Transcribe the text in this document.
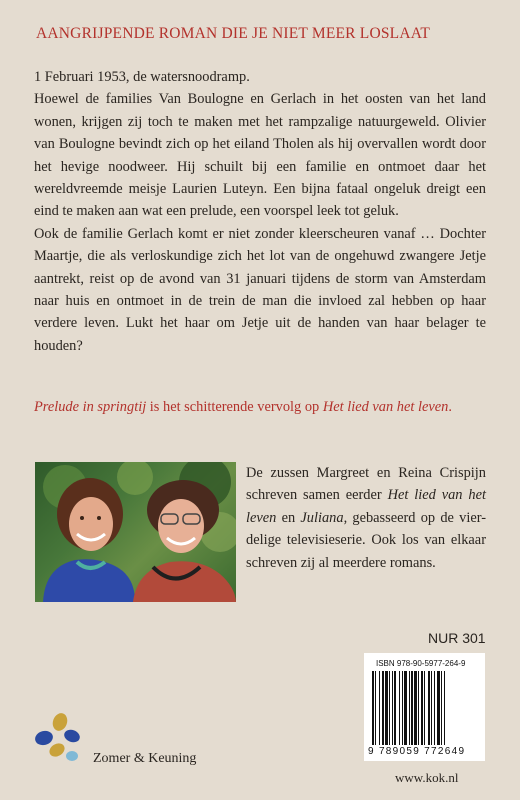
AANGRIJPENDE ROMAN DIE JE NIET MEER LOSLAAT

1 Februari 1953, de watersnoodramp.

Hoewel de families Van Boulogne en Gerlach in het oosten van het land wonen, krijgen zij toch te maken met het rampzalige natuurgeweld. Olivier van Boulogne bevindt zich op het eiland Tholen als hij overvallen wordt door het hevige noodweer. Hij schuilt bij een familie en ontmoet daar het wereldvreemde meisje Laurien Luteyn. Een bijna fataal ongeluk dreigt een eind te maken aan wat een prelude, een voorspel leek tot geluk.

Ook de familie Gerlach komt er niet zonder kleerscheuren vanaf … Dochter Maartje, die als verloskundige zich het lot van de ongehuwd zwangere Jetje aantrekt, reist op de avond van 31 januari tijdens de storm van Amsterdam naar huis en ontmoet in de trein de man die invloed zal hebben op haar verdere leven. Lukt het haar om Jetje uit de handen van haar belager te houden?

Prelude in springtij is het schitterende vervolg op Het lied van het leven.
De zussen Margreet en Reina Crispijn schreven samen eerder Het lied van het leven en Juliana, gebasseerd op de vier-delige televisieserie. Ook los van elkaar schreven zij al meerdere romans.
NUR 301
ISBN 978-90-5977-264-9
9 789059 772649
Zomer & Keuning
www.kok.nl
